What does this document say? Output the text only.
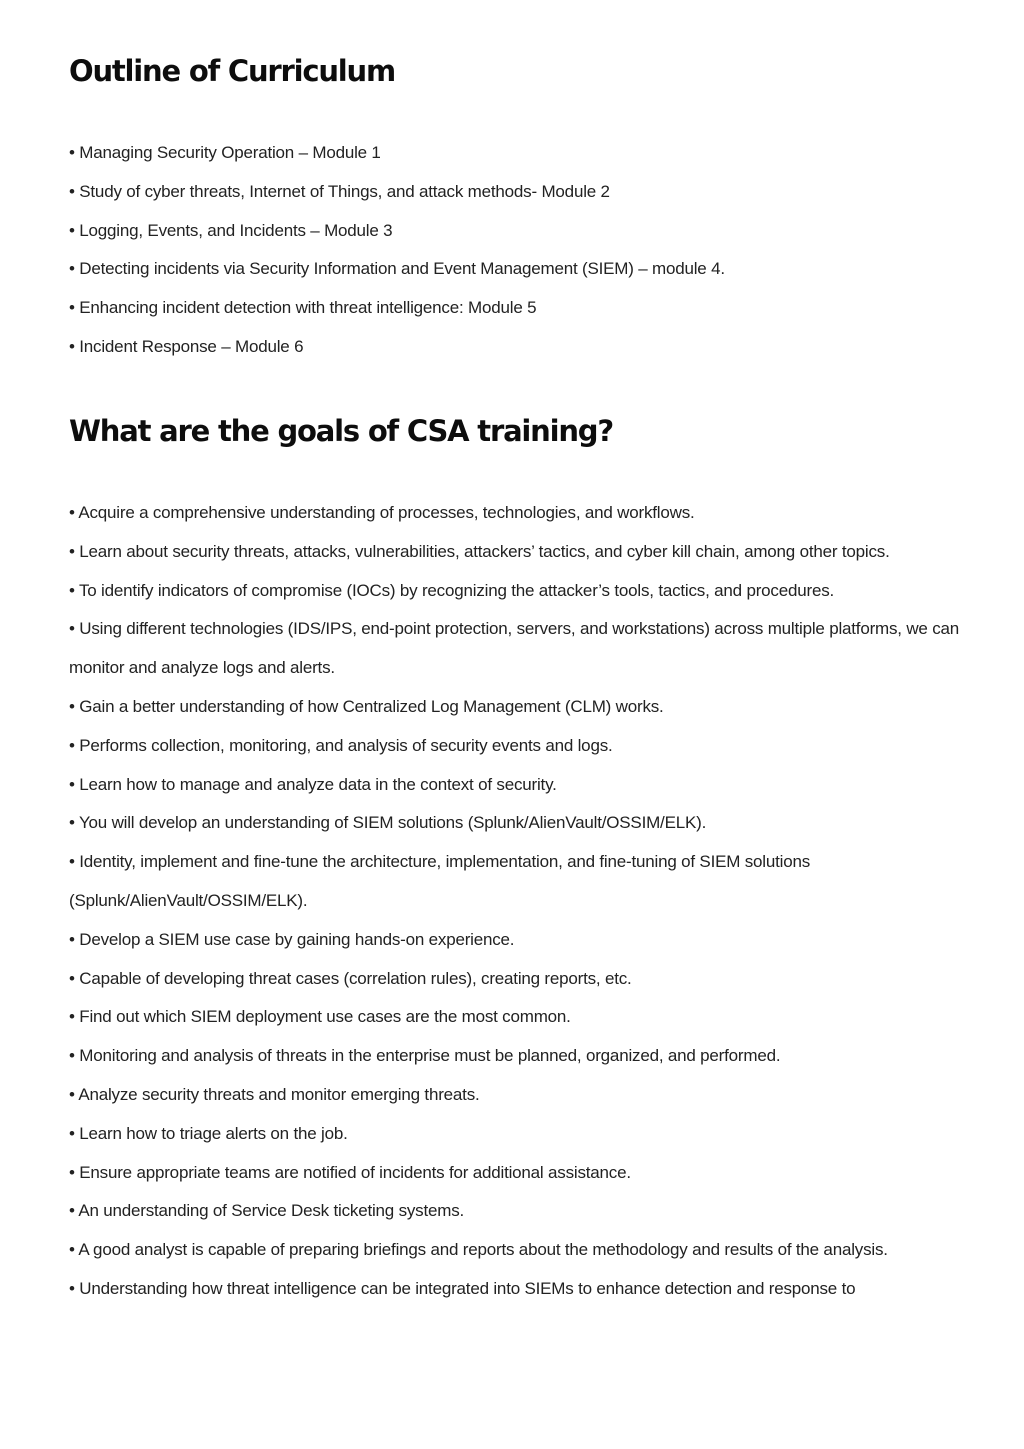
Outline of Curriculum
• Managing Security Operation – Module 1
• Study of cyber threats, Internet of Things, and attack methods- Module 2
• Logging, Events, and Incidents – Module 3
• Detecting incidents via Security Information and Event Management (SIEM) – module 4.
• Enhancing incident detection with threat intelligence: Module 5
• Incident Response – Module 6
What are the goals of CSA training?
• Acquire a comprehensive understanding of processes, technologies, and workflows.
• Learn about security threats, attacks, vulnerabilities, attackers’ tactics, and cyber kill chain, among other topics.
• To identify indicators of compromise (IOCs) by recognizing the attacker’s tools, tactics, and procedures.
• Using different technologies (IDS/IPS, end-point protection, servers, and workstations) across multiple platforms, we can monitor and analyze logs and alerts.
• Gain a better understanding of how Centralized Log Management (CLM) works.
• Performs collection, monitoring, and analysis of security events and logs.
• Learn how to manage and analyze data in the context of security.
• You will develop an understanding of SIEM solutions (Splunk/AlienVault/OSSIM/ELK).
• Identity, implement and fine-tune the architecture, implementation, and fine-tuning of SIEM solutions (Splunk/AlienVault/OSSIM/ELK).
• Develop a SIEM use case by gaining hands-on experience.
• Capable of developing threat cases (correlation rules), creating reports, etc.
• Find out which SIEM deployment use cases are the most common.
• Monitoring and analysis of threats in the enterprise must be planned, organized, and performed.
• Analyze security threats and monitor emerging threats.
• Learn how to triage alerts on the job.
• Ensure appropriate teams are notified of incidents for additional assistance.
• An understanding of Service Desk ticketing systems.
• A good analyst is capable of preparing briefings and reports about the methodology and results of the analysis.
• Understanding how threat intelligence can be integrated into SIEMs to enhance detection and response to
